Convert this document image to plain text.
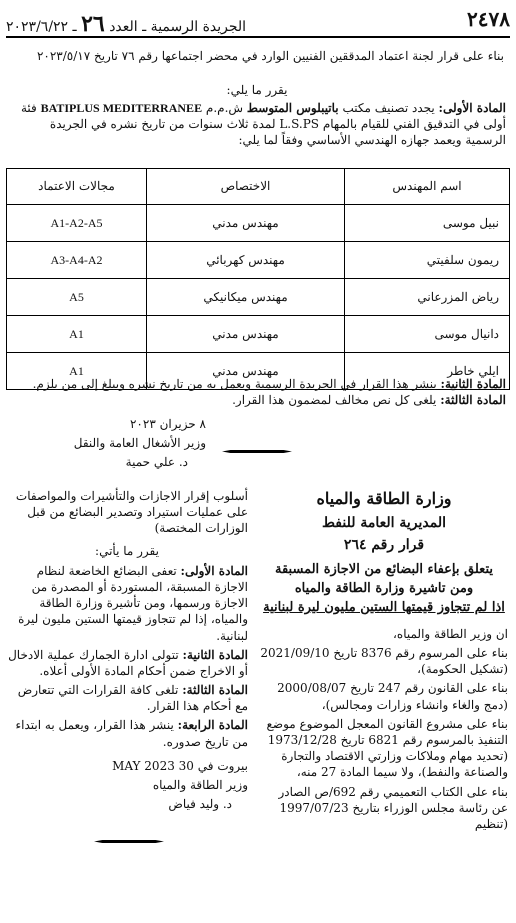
٢٤٧٨
الجريدة الرسمية ـ العدد ٢٦ ـ ٢٠٢٣/٦/٢٢

بناء على قرار لجنة اعتماد المدققين الفنيين الوارد في محضر اجتماعها رقم ٧٦ تاريخ ٢٠٢٣/٥/١٧

يقرر ما يلي:

المادة الأولى: يجدد تصنيف مكتب باتيبلوس المتوسط ش.م.م BATIPLUS MEDITERRANEE فئة أولى في التدقيق الفني للقيام بالمهام L.S.PS لمدة ثلاث سنوات من تاريخ نشره في الجريدة الرسمية ويعمد جهازه الهندسي الأساسي وفقاً لما يلي:
اسم المهندس	الاختصاص	مجالات الاعتماد
نبيل موسى	مهندس مدني	A1-A2-A5
ريمون سلفيتي	مهندس كهربائي	A3-A4-A2
رياض المزرعاني	مهندس ميكانيكي	A5
دانيال موسى	مهندس مدني	A1
ايلي خاطر	مهندس مدني	A1

المادة الثانية: ينشر هذا القرار في الجريدة الرسمية ويعمل به من تاريخ نشره ويبلغ إلى من يلزم.

المادة الثالثة: يلغى كل نص مخالف لمضمون هذا القرار.

٨ حزيران ٢٠٢٣

وزير الأشغال العامة والنقل

د. علي حمية

وزارة الطاقة والمياه

المديرية العامة للنفط

قرار رقم ٢٦٤

يتعلق بإعفاء البضائع من الاجازة المسبقة

ومن تاشيرة وزارة الطاقة والمياه

اذا لم تتجاوز قيمتها الستين مليون ليرة لبنانية

ان وزير الطاقة والمياه،

بناء على المرسوم رقم 8376 تاريخ 2021/09/10 (تشكيل الحكومة)،

بناء على القانون رقم 247 تاريخ 2000/08/07 (دمج والغاء وانشاء وزارات ومجالس)،

بناء على مشروع القانون المعجل الموضوع موضع التنفيذ بالمرسوم رقم 6821 تاريخ 1973/12/28 (تحديد مهام وملاكات وزارتي الاقتصاد والتجارة والصناعة والنفط)، ولا سيما المادة 27 منه،

بناء على الكتاب التعميمي رقم 692/ص الصادر عن رئاسة مجلس الوزراء بتاريخ 1997/07/23 (تنظيم

أسلوب إقرار الاجازات والتأشيرات والمواصفات على عمليات استيراد وتصدير البضائع من قبل الوزارات المختصة)

يقرر ما يأتي:

المادة الأولى: تعفى البضائع الخاضعة لنظام الاجازة المسبقة، المستوردة أو المصدرة من الاجازة ورسمها، ومن تأشيرة وزارة الطاقة والمياه، إذا لم تتجاوز قيمتها الستين مليون ليرة لبنانية.

المادة الثانية: تتولى ادارة الجمارك عملية الادخال أو الاخراج ضمن أحكام المادة الأولى أعلاه.

المادة الثالثة: تلغى كافة القرارات التي تتعارض مع أحكام هذا القرار.

المادة الرابعة: ينشر هذا القرار، ويعمل به ابتداء من تاريخ صدوره.

بيروت في 30 MAY 2023

وزير الطاقة والمياه

د. وليد فياض
